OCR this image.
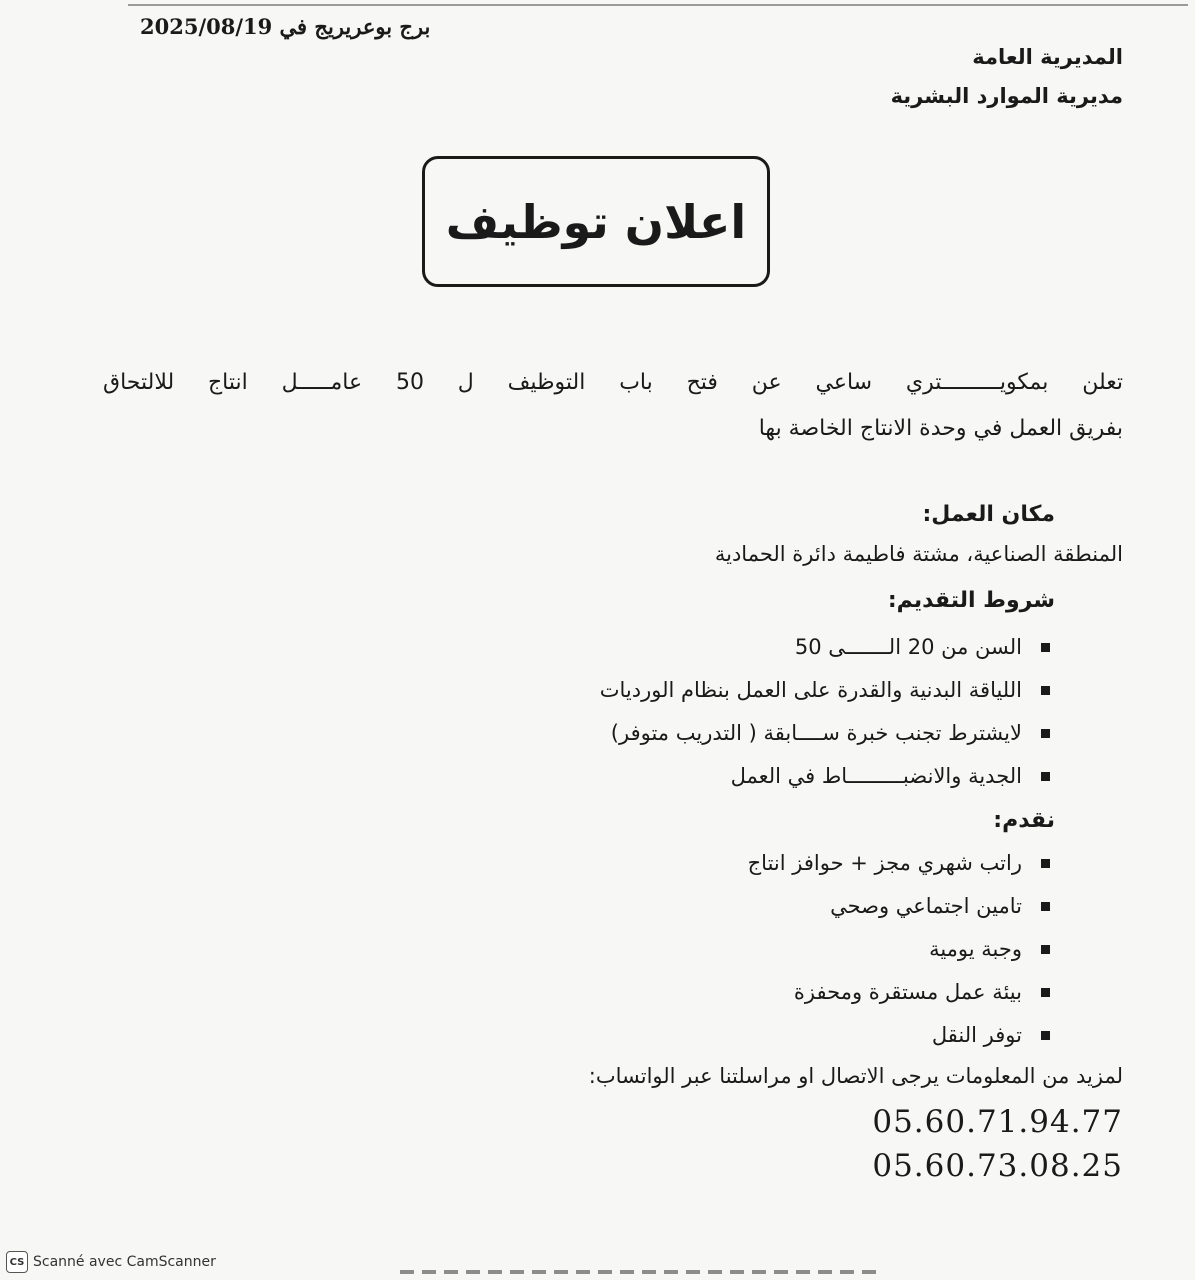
برج بوعريريج في 2025/08/19
المديرية العامة
مديرية الموارد البشرية
اعلان توظيف
تعلن بمكويـــــــــتري ساعي عن فتح باب التوظيف ل 50 عامـــــل انتاج للالتحاق
بفريق العمل في وحدة الانتاج الخاصة بها
مكان العمل:
المنطقة الصناعية، مشتة فاطيمة دائرة الحمادية
شروط التقديم:
السن من 20 الـــــــى 50
اللياقة البدنية والقدرة على العمل بنظام الورديات
لايشترط تجنب خبرة ســــابقة ( التدريب متوفر)
الجدية والانضبـــــــــاط في العمل
نقدم:
راتب شهري مجز + حوافز انتاج
تامين اجتماعي وصحي
وجبة يومية
بيئة عمل مستقرة ومحفزة
توفر النقل
لمزيد من المعلومات يرجى الاتصال او مراسلتنا عبر الواتساب:
05.60.71.94.77
05.60.73.08.25
CS Scanné avec CamScanner
